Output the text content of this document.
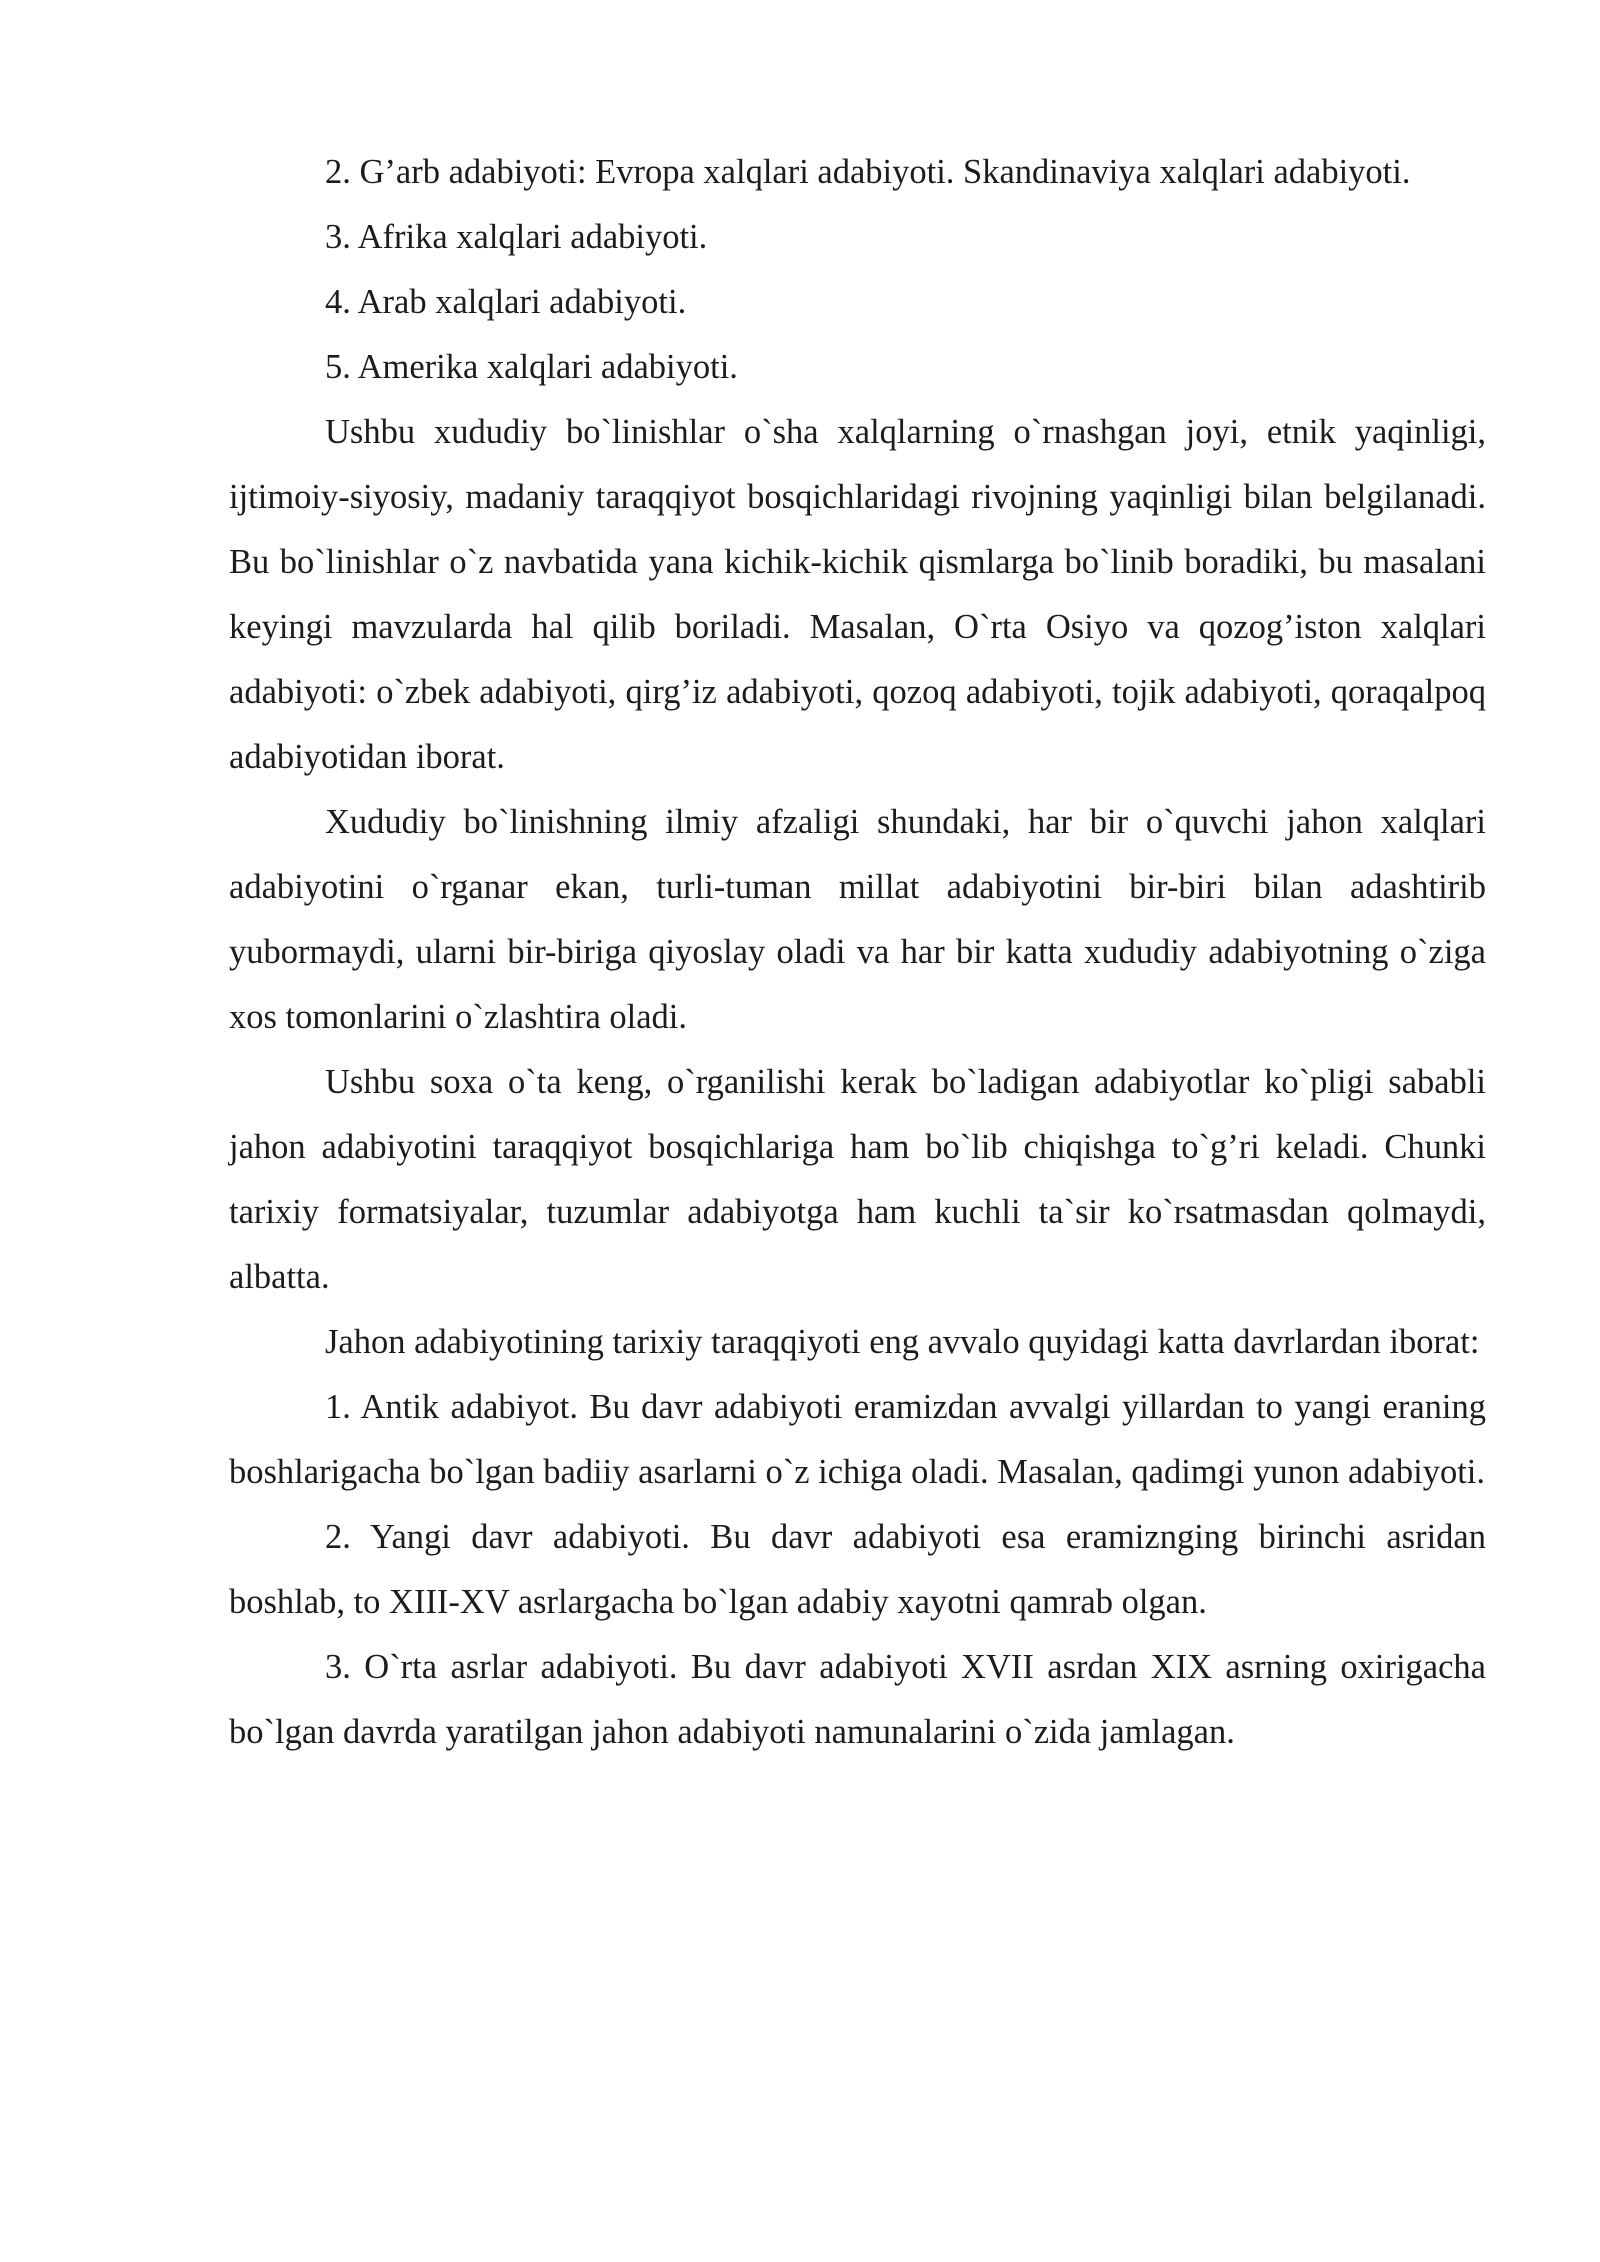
2. G’arb adabiyoti: Evropa xalqlari adabiyoti. Skandinaviya xalqlari adabiyoti.

3. Afrika xalqlari adabiyoti.

4. Arab xalqlari adabiyoti.

5. Amerika xalqlari adabiyoti.

Ushbu xududiy bo`linishlar o`sha xalqlarning o`rnashgan joyi, etnik yaqinligi, ijtimoiy-siyosiy, madaniy taraqqiyot bosqichlaridagi rivojning yaqinligi bilan belgilanadi. Bu bo`linishlar o`z navbatida yana kichik-kichik qismlarga bo`linib boradiki, bu masalani keyingi mavzularda hal qilib boriladi. Masalan, O`rta Osiyo va qozog’iston xalqlari adabiyoti: o`zbek adabiyoti, qirg’iz adabiyoti, qozoq adabiyoti, tojik adabiyoti, qoraqalpoq adabiyotidan iborat.

Xududiy bo`linishning ilmiy afzaligi shundaki, har bir o`quvchi jahon xalqlari adabiyotini o`rganar ekan, turli-tuman millat adabiyotini bir-biri bilan adashtirib yubormaydi, ularni bir-biriga qiyoslay oladi va har bir katta xududiy adabiyotning o`ziga xos tomonlarini o`zlashtira oladi.

Ushbu soxa o`ta keng, o`rganilishi kerak bo`ladigan adabiyotlar ko`pligi sababli jahon adabiyotini taraqqiyot bosqichlariga ham bo`lib chiqishga to`g’ri keladi. Chunki tarixiy formatsiyalar, tuzumlar adabiyotga ham kuchli ta`sir ko`rsatmasdan qolmaydi, albatta.

Jahon adabiyotining tarixiy taraqqiyoti eng avvalo quyidagi katta davrlardan iborat:

1. Antik adabiyot. Bu davr adabiyoti eramizdan avvalgi yillardan to yangi eraning boshlarigacha bo`lgan badiiy asarlarni o`z ichiga oladi. Masalan, qadimgi yunon adabiyoti.

2. Yangi davr adabiyoti. Bu davr adabiyoti esa eramiznging birinchi asridan boshlab, to XIII-XV asrlargacha bo`lgan adabiy xayotni qamrab olgan.

3. O`rta asrlar adabiyoti. Bu davr adabiyoti XVII asrdan XIX asrning oxirigacha bo`lgan davrda yaratilgan jahon adabiyoti namunalarini o`zida jamlagan.
